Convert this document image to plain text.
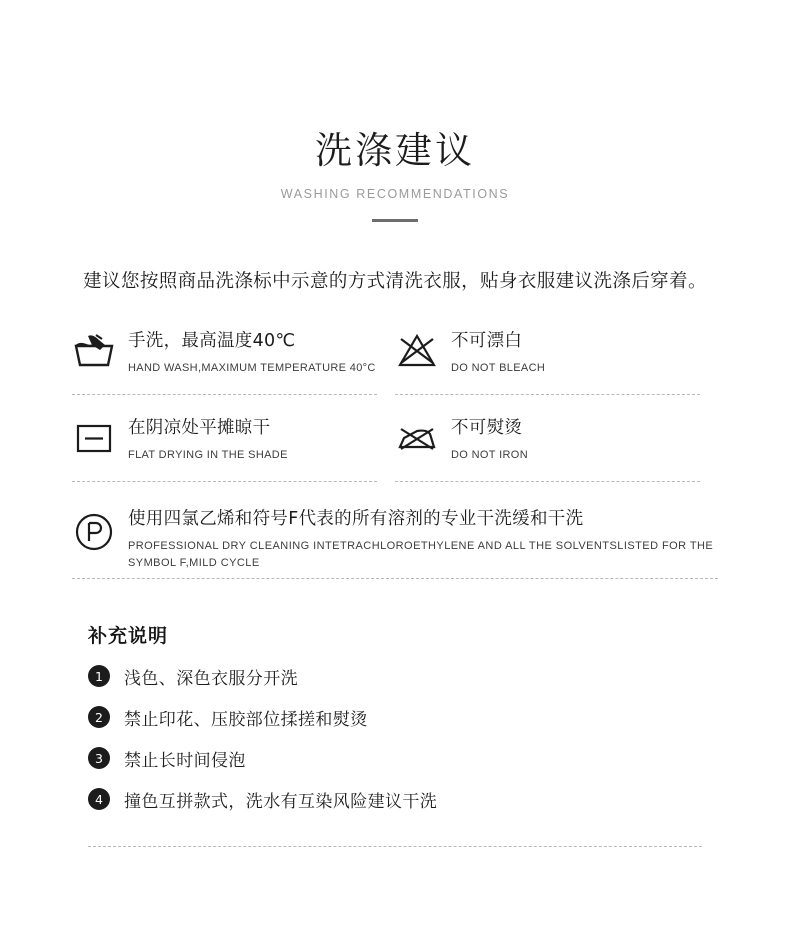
洗涤建议
WASHING RECOMMENDATIONS
建议您按照商品洗涤标中示意的方式清洗衣服，贴身衣服建议洗涤后穿着。
手洗，最高温度40℃
HAND WASH,MAXIMUM TEMPERATURE 40°C
不可漂白
DO NOT BLEACH
在阴凉处平摊晾干
FLAT DRYING IN THE SHADE
不可熨烫
DO NOT IRON
使用四氯乙烯和符号F代表的所有溶剂的专业干洗缓和干洗
PROFESSIONAL DRY CLEANING INTETRACHLOROETHYLENE AND ALL THE SOLVENTSLISTED FOR THE SYMBOL F,MILD CYCLE
补充说明
1	浅色、深色衣服分开洗
2	禁止印花、压胶部位揉搓和熨烫
3	禁止长时间侵泡
4	撞色互拼款式，洗水有互染风险建议干洗
